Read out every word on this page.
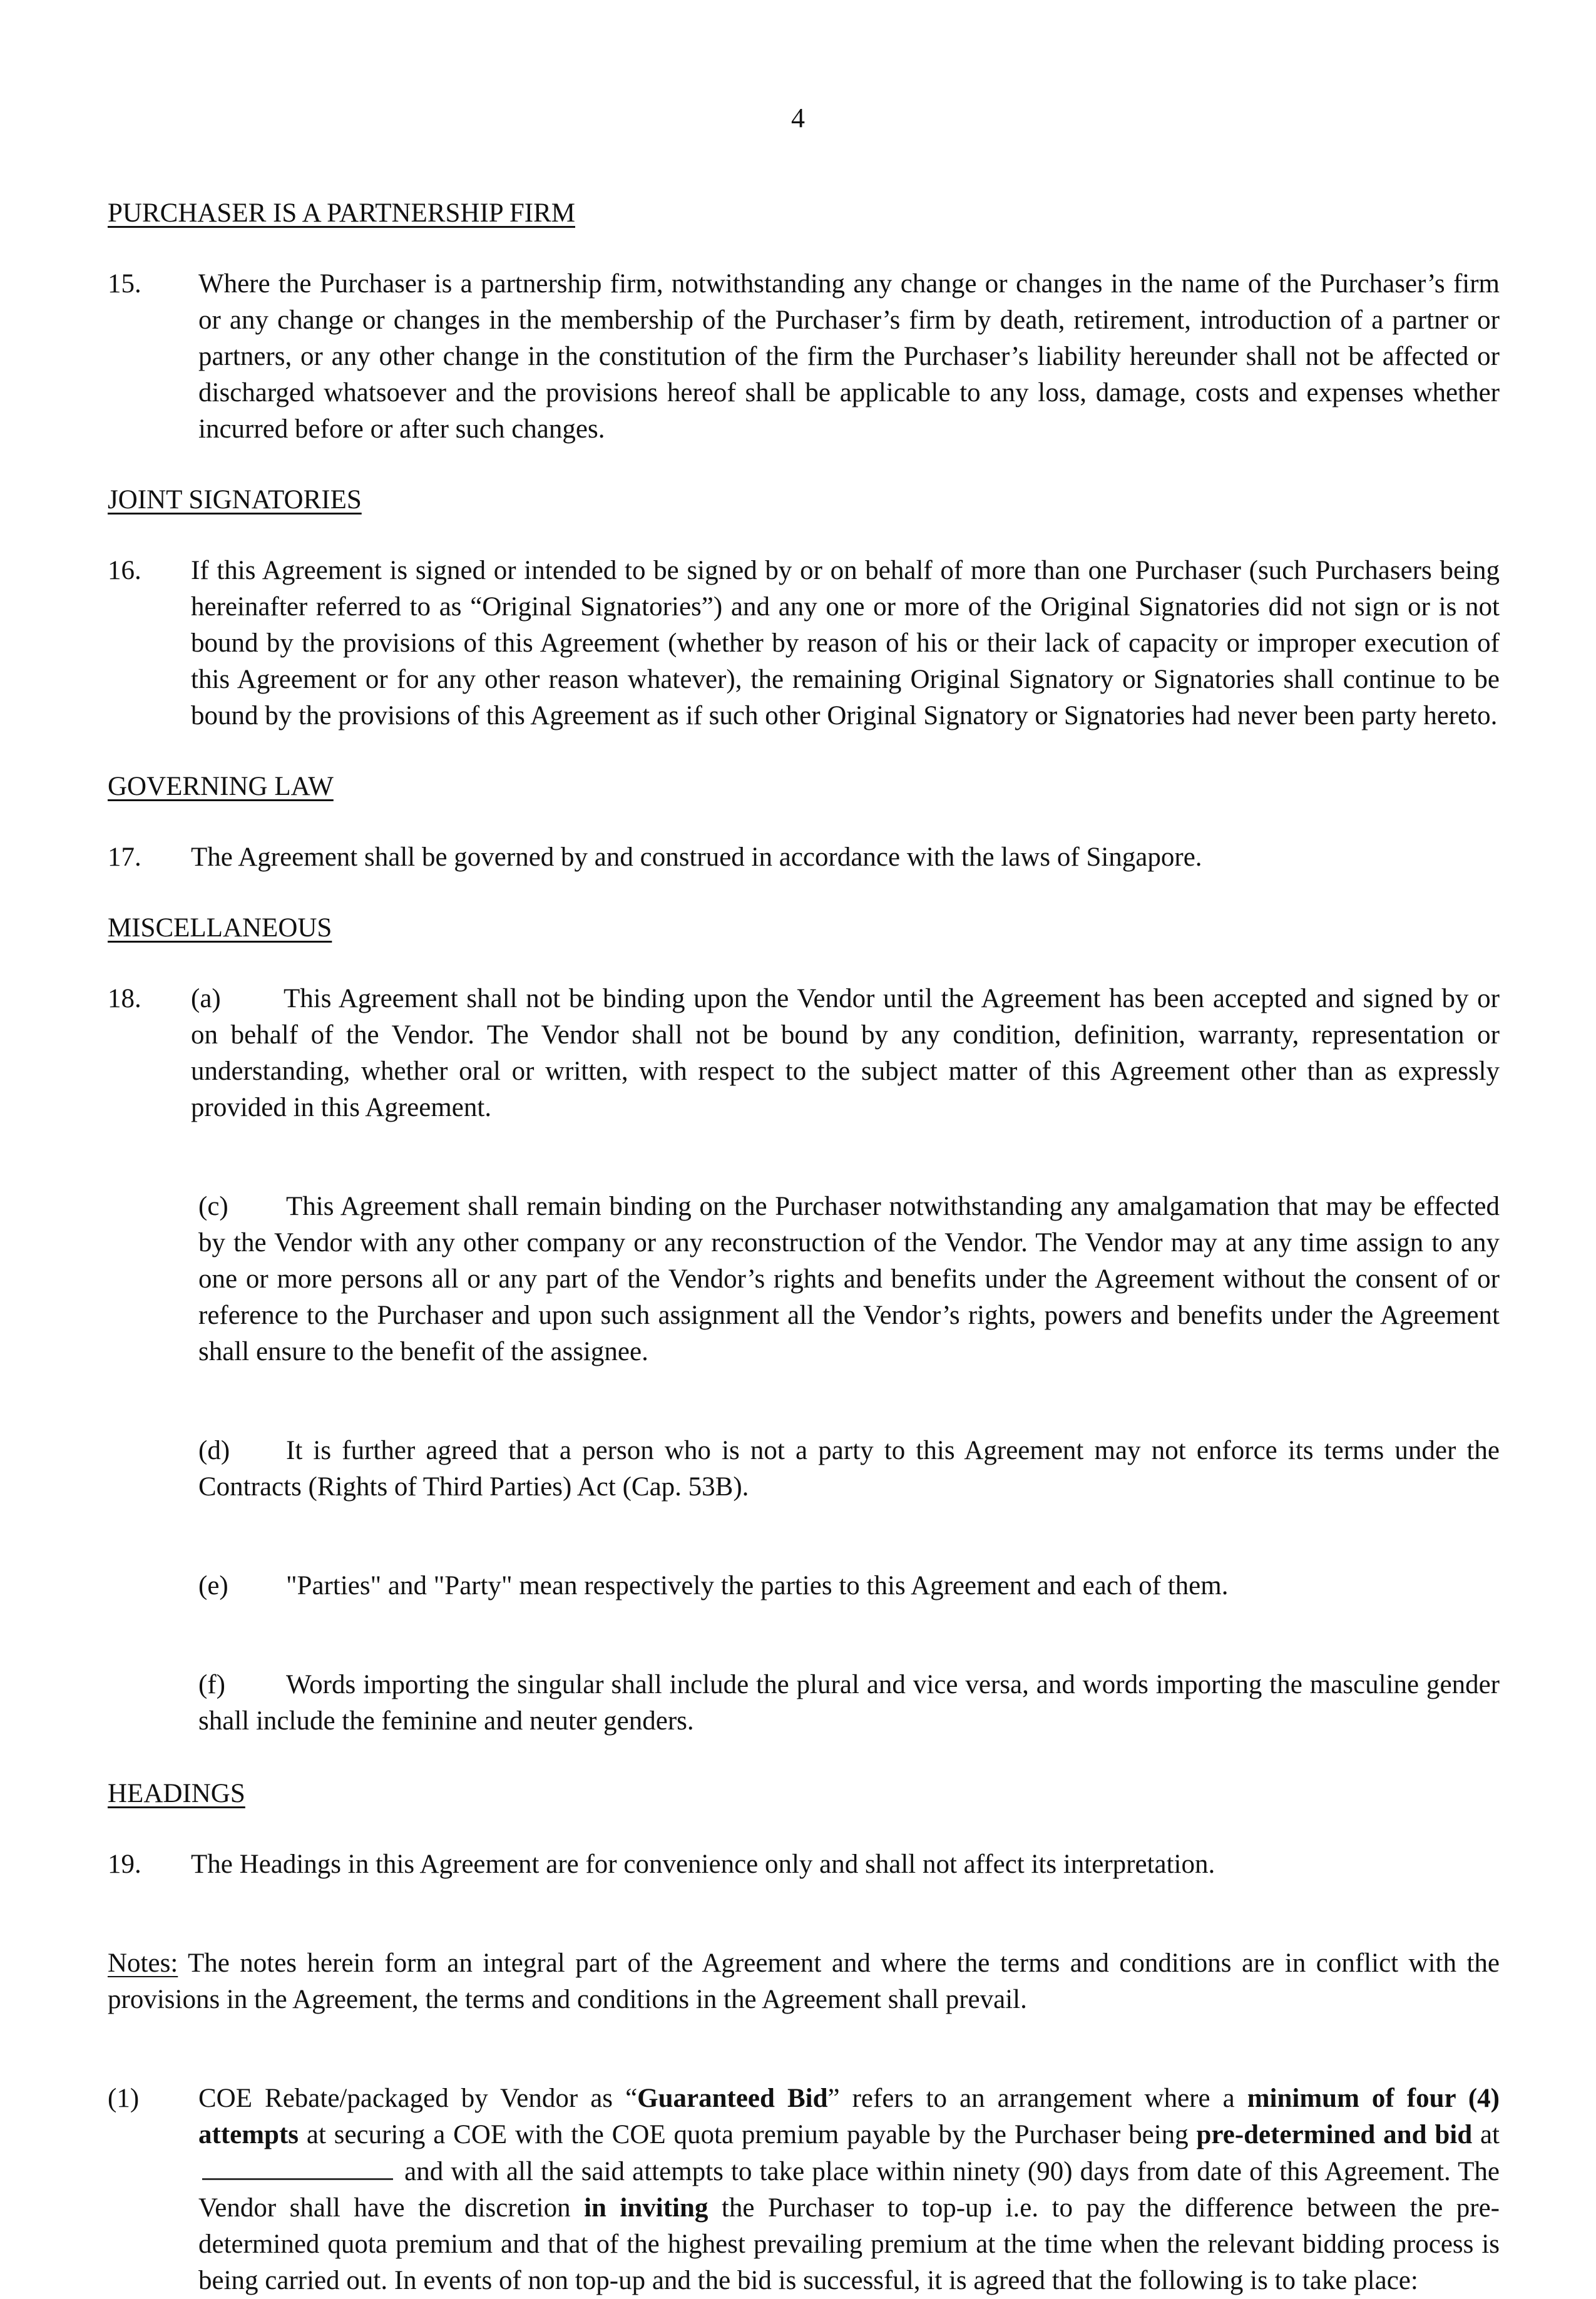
4
PURCHASER IS A PARTNERSHIP FIRM
15.	Where the Purchaser is a partnership firm, notwithstanding any change or changes in the name of the Purchaser’s firm or any change or changes in the membership of the Purchaser’s firm by death, retirement, introduction of a partner or partners, or any other change in the constitution of the firm the Purchaser’s liability hereunder shall not be affected or discharged whatsoever and the provisions hereof shall be applicable to any loss, damage, costs and expenses whether incurred before or after such changes.
JOINT SIGNATORIES
16.	If this Agreement is signed or intended to be signed by or on behalf of more than one Purchaser (such Purchasers being hereinafter referred to as “Original Signatories”) and any one or more of the Original Signatories did not sign or is not bound by the provisions of this Agreement (whether by reason of his or their lack of capacity or improper execution of this Agreement or for any other reason whatever), the remaining Original Signatory or Signatories shall continue to be bound by the provisions of this Agreement as if such other Original Signatory or Signatories had never been party hereto.
GOVERNING LAW
17.	The Agreement shall be governed by and construed in accordance with the laws of Singapore.
MISCELLANEOUS
18.	(a) This Agreement shall not be binding upon the Vendor until the Agreement has been accepted and signed by or on behalf of the Vendor. The Vendor shall not be bound by any condition, definition, warranty, representation or understanding, whether oral or written, with respect to the subject matter of this Agreement other than as expressly provided in this Agreement.
(c) This Agreement shall remain binding on the Purchaser notwithstanding any amalgamation that may be effected by the Vendor with any other company or any reconstruction of the Vendor. The Vendor may at any time assign to any one or more persons all or any part of the Vendor’s rights and benefits under the Agreement without the consent of or reference to the Purchaser and upon such assignment all the Vendor’s rights, powers and benefits under the Agreement shall ensure to the benefit of the assignee.
(d) It is further agreed that a person who is not a party to this Agreement may not enforce its terms under the Contracts (Rights of Third Parties) Act (Cap. 53B).
(e) "Parties" and "Party" mean respectively the parties to this Agreement and each of them.
(f) Words importing the singular shall include the plural and vice versa, and words importing the masculine gender shall include the feminine and neuter genders.
HEADINGS
19.	The Headings in this Agreement are for convenience only and shall not affect its interpretation.
Notes: The notes herein form an integral part of the Agreement and where the terms and conditions are in conflict with the provisions in the Agreement, the terms and conditions in the Agreement shall prevail.
(1)	COE Rebate/packaged by Vendor as “Guaranteed Bid” refers to an arrangement where a minimum of four (4) attempts at securing a COE with the COE quota premium payable by the Purchaser being pre-determined and bid at and with all the said attempts to take place within ninety (90) days from date of this Agreement. The Vendor shall have the discretion in inviting the Purchaser to top-up i.e. to pay the difference between the pre- determined quota premium and that of the highest prevailing premium at the time when the relevant bidding process is being carried out. In events of non top-up and the bid is successful, it is agreed that the following is to take place:
